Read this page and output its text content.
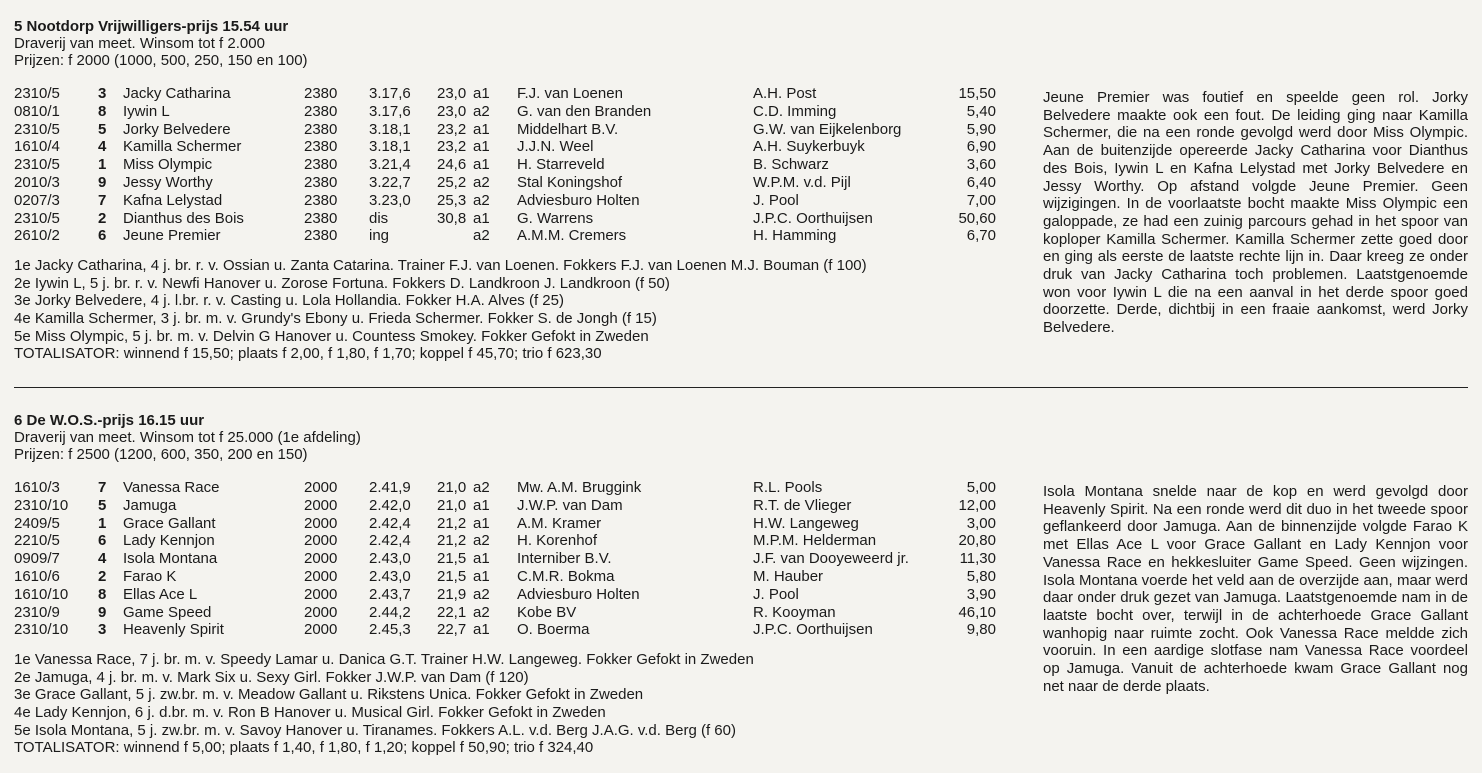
5 Nootdorp Vrijwilligers-prijs 15.54 uur
Draverij van meet. Winsom tot f 2.000
Prijzen: f 2000 (1000, 500, 250, 150 en 100)
2310/5	3 Jacky Catharina	2380 3.17,6 23,0 a1 F.J. van Loenen	A.H. Post	15,50
0810/1	8 Iywin L	2380 3.17,6 23,0 a2 G. van den Branden	C.D. Imming	5,40
2310/5	5 Jorky Belvedere	2380 3.18,1 23,2 a1 Middelhart B.V.	G.W. van Eijkelenborg	5,90
1610/4	4 Kamilla Schermer	2380 3.18,1 23,2 a1 J.J.N. Weel	A.H. Suykerbuyk	6,90
2310/5	1 Miss Olympic	2380 3.21,4 24,6 a1 H. Starreveld	B. Schwarz	3,60
2010/3	9 Jessy Worthy	2380 3.22,7 25,2 a2 Stal Koningshof	W.P.M. v.d. Pijl	6,40
0207/3	7 Kafna Lelystad	2380 3.23,0 25,3 a2 Adviesburo Holten	J. Pool	7,00
2310/5	2 Dianthus des Bois	2380 dis	30,8 a1 G. Warrens	J.P.C. Oorthuijsen	50,60
2610/2	6 Jeune Premier	2380 ing	a2 A.M.M. Cremers	H. Hamming	6,70
1e Jacky Catharina, 4 j. br. r. v. Ossian u. Zanta Catarina. Trainer F.J. van Loenen. Fokkers F.J. van Loenen M.J. Bouman (f 100)
2e Iywin L, 5 j. br. r. v. Newfi Hanover u. Zorose Fortuna. Fokkers D. Landkroon J. Landkroon (f 50)
3e Jorky Belvedere, 4 j. l.br. r. v. Casting u. Lola Hollandia. Fokker H.A. Alves (f 25)
4e Kamilla Schermer, 3 j. br. m. v. Grundy's Ebony u. Frieda Schermer. Fokker S. de Jongh (f 15)
5e Miss Olympic, 5 j. br. m. v. Delvin G Hanover u. Countess Smokey. Fokker Gefokt in Zweden
TOTALISATOR: winnend f 15,50; plaats f 2,00, f 1,80, f 1,70; koppel f 45,70; trio f 623,30
Jeune Premier was foutief en speelde geen rol. Jorky Belvedere maakte ook een fout. De leiding ging naar Kamilla Schermer, die na een ronde gevolgd werd door Miss Olympic. Aan de buitenzijde opereerde Jacky Catharina voor Dianthus des Bois, Iywin L en Kafna Lelystad met Jorky Belvedere en Jessy Worthy. Op afstand volgde Jeune Premier. Geen wijzigingen. In de voorlaatste bocht maakte Miss Olympic een galoppade, ze had een zuinig parcours gehad in het spoor van koploper Kamilla Schermer. Kamilla Schermer zette goed door en ging als eerste de laatste rechte lijn in. Daar kreeg ze onder druk van Jacky Catharina toch problemen. Laatstgenoemde won voor Iywin L die na een aanval in het derde spoor goed doorzette. Derde, dichtbij in een fraaie aankomst, werd Jorky Belvedere.
6 De W.O.S.-prijs 16.15 uur
Draverij van meet. Winsom tot f 25.000 (1e afdeling)
Prijzen: f 2500 (1200, 600, 350, 200 en 150)
1610/3	7 Vanessa Race	2000 2.41,9 21,0 a2 Mw. A.M. Bruggink	R.L. Pools	5,00
2310/10 5 Jamuga	2000 2.42,0 21,0 a1 J.W.P. van Dam	R.T. de Vlieger	12,00
2409/5	1 Grace Gallant	2000 2.42,4 21,2 a1 A.M. Kramer	H.W. Langeweg	3,00
2210/5	6 Lady Kennjon	2000 2.42,4 21,2 a2 H. Korenhof	M.P.M. Helderman	20,80
0909/7	4 Isola Montana	2000 2.43,0 21,5 a1 Interniber B.V.	J.F. van Dooyeweerd jr.	11,30
1610/6	2 Farao K	2000 2.43,0 21,5 a1 C.M.R. Bokma	M. Hauber	5,80
1610/10 8 Ellas Ace L	2000 2.43,7 21,9 a2 Adviesburo Holten	J. Pool	3,90
2310/9	9 Game Speed	2000 2.44,2 22,1 a2 Kobe BV	R. Kooyman	46,10
2310/10 3 Heavenly Spirit	2000 2.45,3 22,7 a1 O. Boerma	J.P.C. Oorthuijsen	9,80
1e Vanessa Race, 7 j. br. m. v. Speedy Lamar u. Danica G.T. Trainer H.W. Langeweg. Fokker Gefokt in Zweden
2e Jamuga, 4 j. br. m. v. Mark Six u. Sexy Girl. Fokker J.W.P. van Dam (f 120)
3e Grace Gallant, 5 j. zw.br. m. v. Meadow Gallant u. Rikstens Unica. Fokker Gefokt in Zweden
4e Lady Kennjon, 6 j. d.br. m. v. Ron B Hanover u. Musical Girl. Fokker Gefokt in Zweden
5e Isola Montana, 5 j. zw.br. m. v. Savoy Hanover u. Tiranames. Fokkers A.L. v.d. Berg J.A.G. v.d. Berg (f 60)
TOTALISATOR: winnend f 5,00; plaats f 1,40, f 1,80, f 1,20; koppel f 50,90; trio f 324,40
Isola Montana snelde naar de kop en werd gevolgd door Heavenly Spirit. Na een ronde werd dit duo in het tweede spoor geflankeerd door Jamuga. Aan de binnenzijde volgde Farao K met Ellas Ace L voor Grace Gallant en Lady Kennjon voor Vanessa Race en hekkesluiter Game Speed. Geen wijzingen. Isola Montana voerde het veld aan de overzijde aan, maar werd daar onder druk gezet van Jamuga. Laatstgenoemde nam in de laatste bocht over, terwijl in de achterhoede Grace Gallant wanhopig naar ruimte zocht. Ook Vanessa Race meldde zich vooruin. In een aardige slotfase nam Vanessa Race voordeel op Jamuga. Vanuit de achterhoede kwam Grace Gallant nog net naar de derde plaats.
